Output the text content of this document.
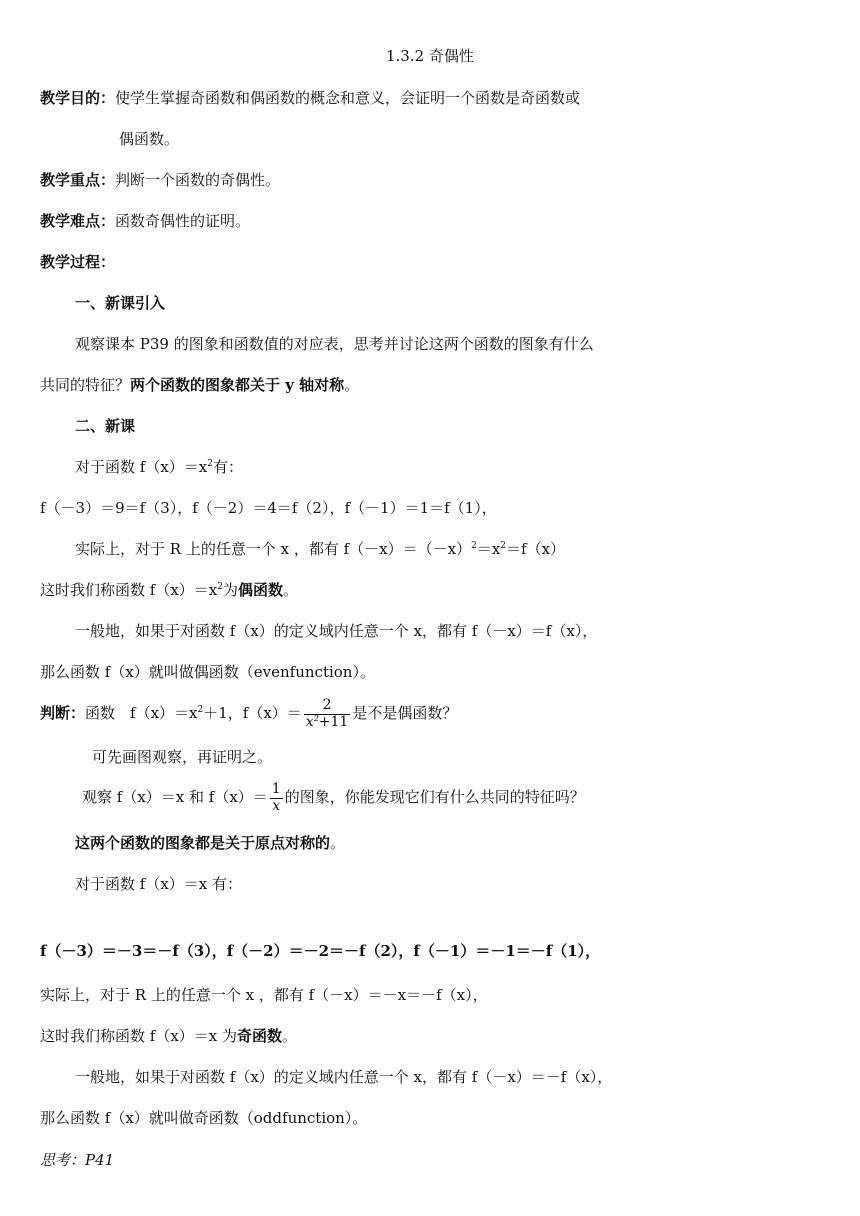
1.3.2 奇偶性
教学目的：使学生掌握奇函数和偶函数的概念和意义，会证明一个函数是奇函数或
偶函数。
教学重点：判断一个函数的奇偶性。
教学难点：函数奇偶性的证明。
教学过程：
一、新课引入
观察课本 P39 的图象和函数值的对应表，思考并讨论这两个函数的图象有什么
共同的特征？两个函数的图象都关于 y 轴对称。
二、新课
对于函数 $f(x)=x^2$有：
f（－3）＝9＝f（3），f（－2）＝4＝f（2），f（－1）＝1＝f（1），
实际上，对于 R 上的任意一个 x ，都有 $f(-x)=(-x)^2=x^2=f(x)$
这时我们称函数 $f(x)=x^2$为偶函数。
一般地，如果于对函数 f（x）的定义域内任意一个 x，都有 f（－x）＝f（x），
那么函数 f（x）就叫做偶函数（evenfunction）。
判断：函数　$f(x)=x^2+1$，$f(x)= \frac{2}{x^2+11}$ 是不是偶函数？
可先画图观察，再证明之。
观察 f（x）＝x 和 $f(x)= \frac{1}{x}$ 的图象，你能发现它们有什么共同的特征吗？
这两个函数的图象都是关于原点对称的。
对于函数 f（x）＝x 有：
f（－3）＝－3＝－f（3），f（－2）＝－2＝－f（2），f（－1）＝－1＝－f（1），
实际上，对于 R 上的任意一个 x ，都有 f（－x）＝－x＝－f（x），
这时我们称函数 f（x）＝x 为奇函数。
一般地，如果于对函数 f（x）的定义域内任意一个 x，都有 f（－x）＝－f（x），
那么函数 f（x）就叫做奇函数（oddfunction）。
思考：P41
